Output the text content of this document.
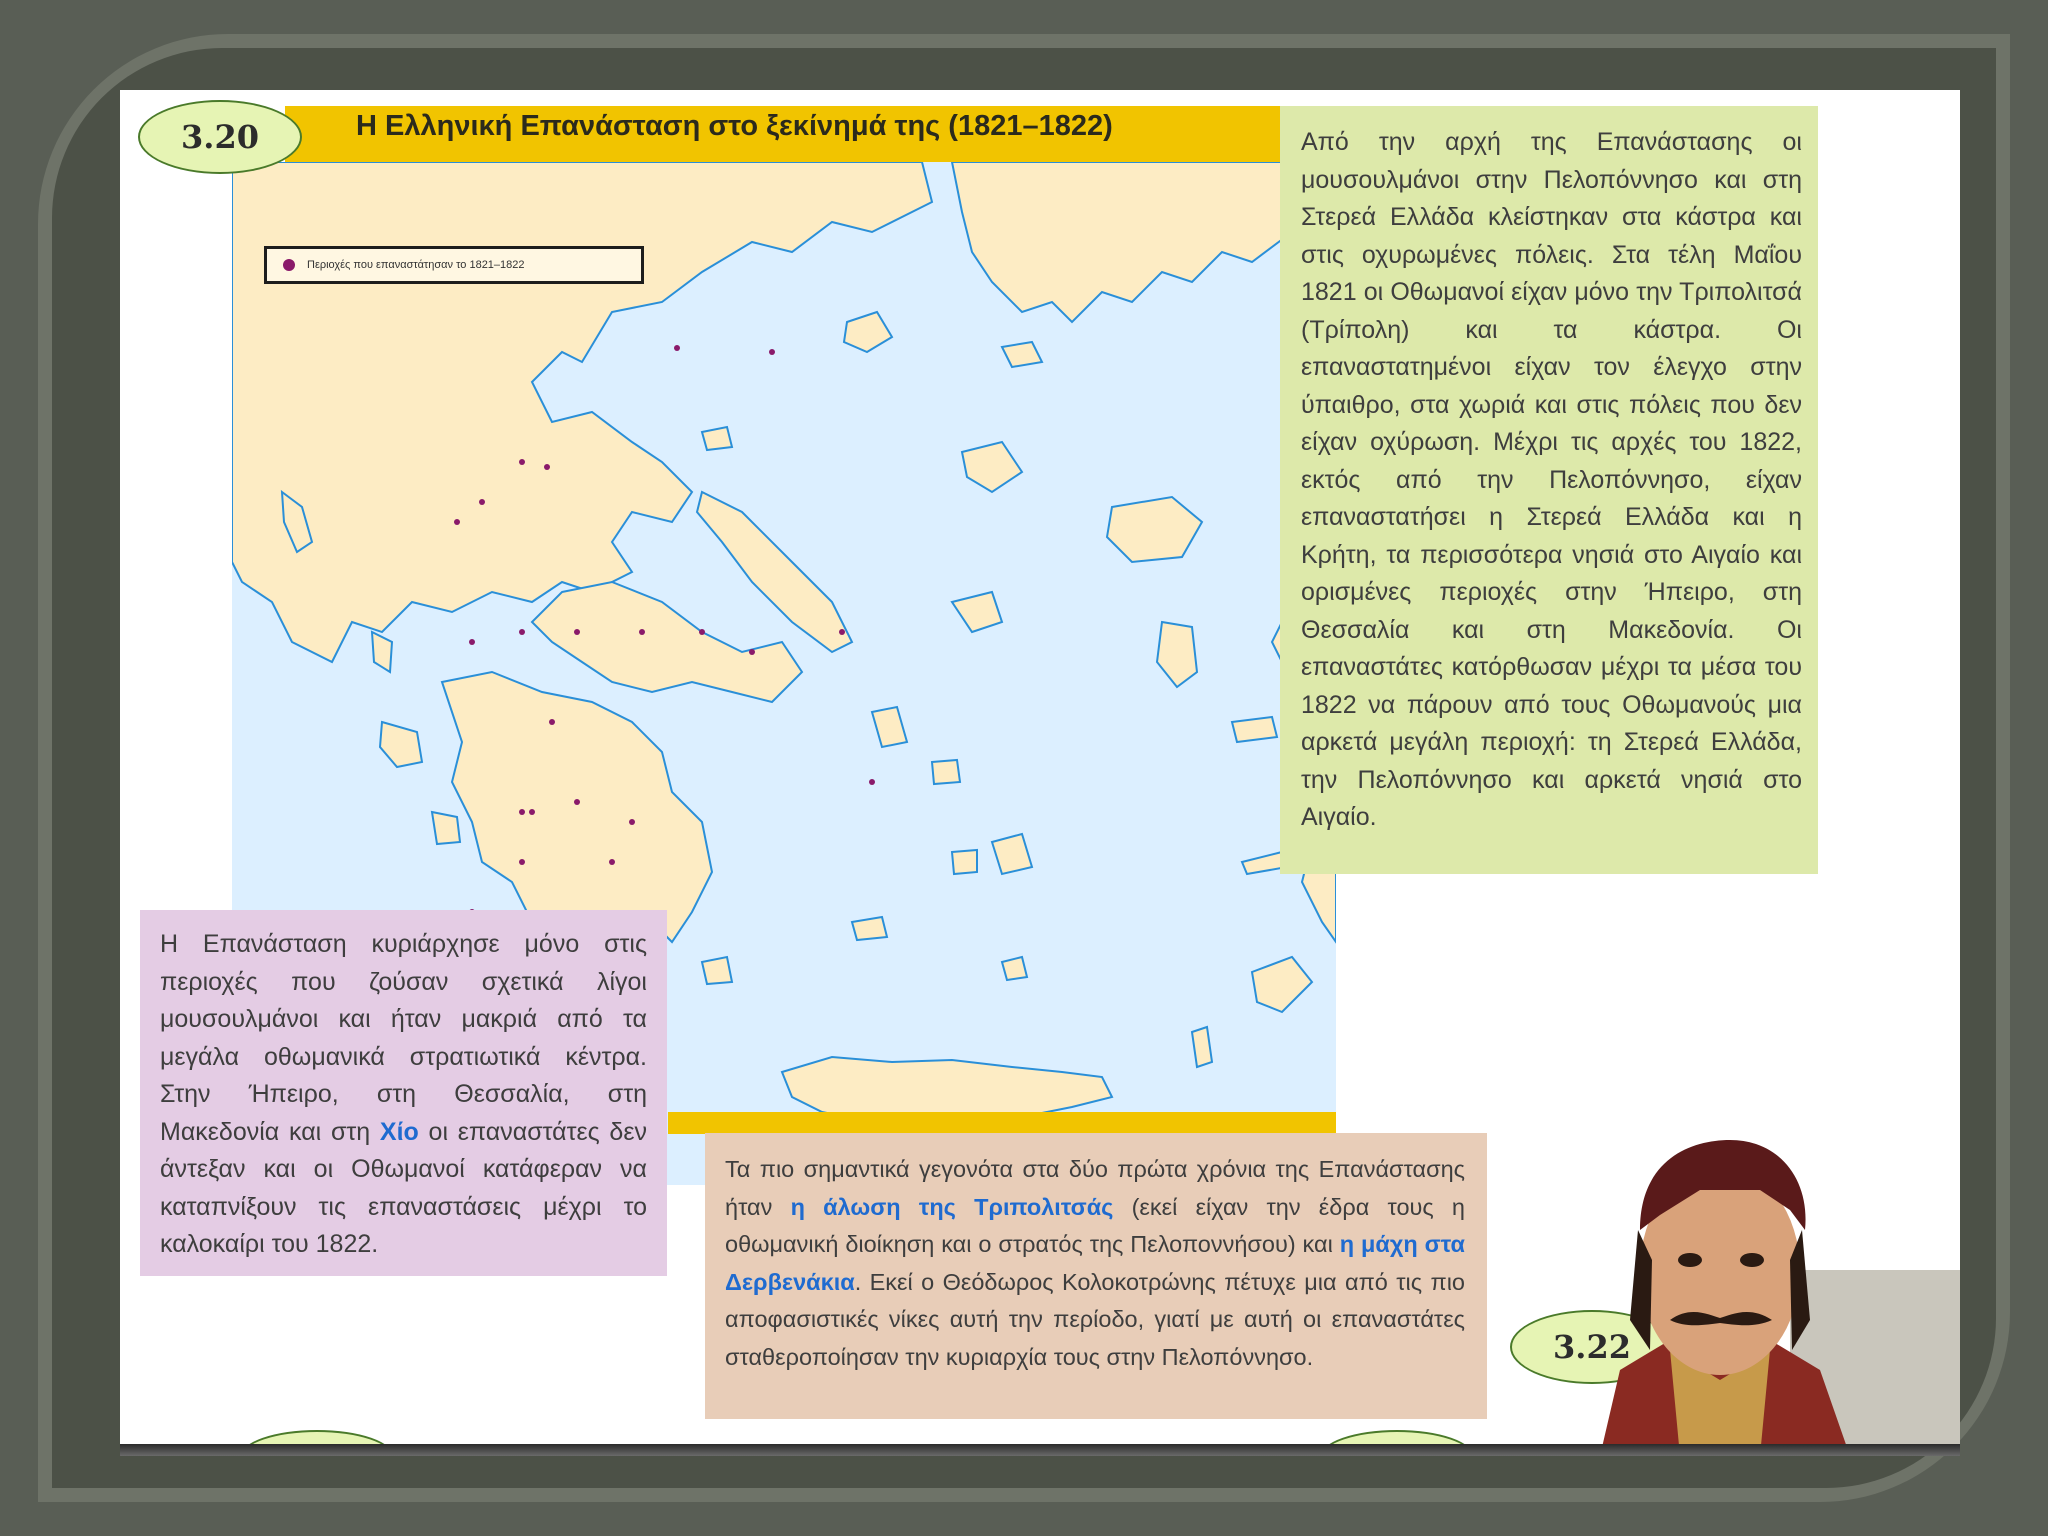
Περιοχές που επαναστάτησαν το 1821–1822
Η Ελληνική Επανάσταση στο ξεκίνημά της (1821–1822)
3.20	Από την αρχή της Επανάστασης οι μουσουλμάνοι στην Πελοπόννησο και στη Στερεά Ελλάδα κλείστηκαν στα κάστρα και στις οχυρωμένες πόλεις. Στα τέλη Μαΐου 1821 οι Οθωμανοί είχαν μόνο την Τριπολιτσά (Τρίπολη) και τα κάστρα. Οι επαναστατημένοι είχαν τον έλεγχο στην ύπαιθρο, στα χωριά και στις πόλεις που δεν είχαν οχύρωση. Μέχρι τις αρχές του 1822, εκτός από την Πελοπόννησο, είχαν επαναστατήσει η Στερεά Ελλάδα και η Κρήτη, τα περισσότερα νησιά στο Αιγαίο και ορισμένες περιοχές στην Ήπειρο, στη Θεσσαλία και στη Μακεδονία. Οι επαναστάτες κατόρθωσαν μέχρι τα μέσα του 1822 να πάρουν από τους Οθωμανούς μια αρκετά μεγάλη περιοχή: τη Στερεά Ελλάδα, την Πελοπόννησο και αρκετά νησιά στο Αιγαίο.

Η Επανάσταση κυριάρχησε μόνο στις περιοχές που ζούσαν σχετικά λίγοι μουσουλμάνοι και ήταν μακριά από τα μεγάλα οθωμανικά στρατιωτικά κέντρα. Στην Ήπειρο, στη Θεσσαλία, στη Μακεδονία και στη Χίο οι επαναστάτες δεν άντεξαν και οι Οθωμανοί κατάφεραν να καταπνίξουν τις επαναστάσεις μέχρι το καλοκαίρι του 1822.

Τα πιο σημαντικά γεγονότα στα δύο πρώτα χρόνια της Επανάστασης ήταν η άλωση της Τριπολιτσάς (εκεί είχαν την έδρα τους η οθωμανική διοίκηση και ο στρατός της Πελοποννήσου) και η μάχη στα Δερβενάκια. Εκεί ο Θεόδωρος Κολοκοτρώνης πέτυχε μια από τις πιο αποφασιστικές νίκες αυτή την περίοδο, γιατί με αυτή οι επαναστάτες σταθεροποίησαν την κυριαρχία τους στην Πελοπόννησο.	3.22
